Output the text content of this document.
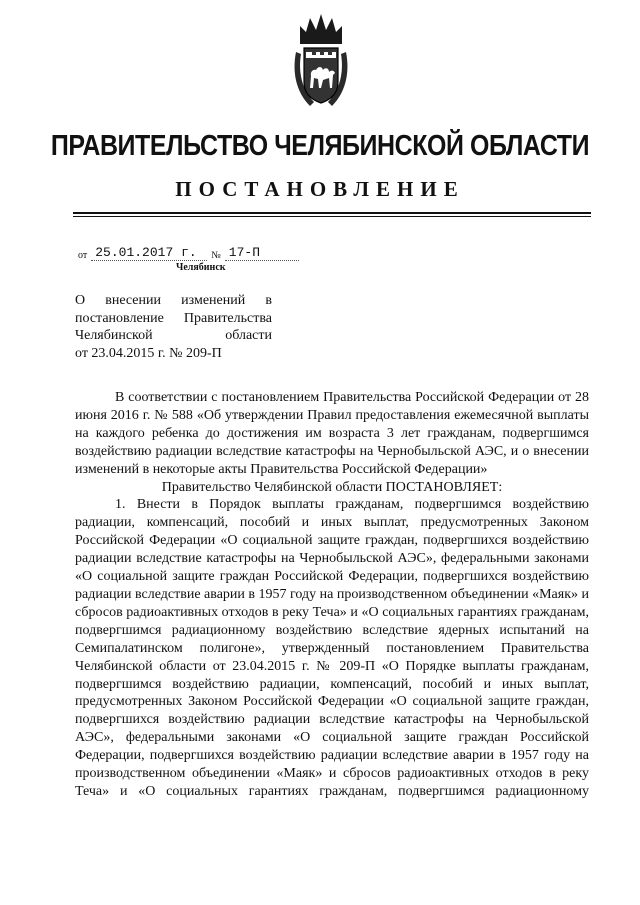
ПРАВИТЕЛЬСТВО ЧЕЛЯБИНСКОЙ ОБЛАСТИ
ПОСТАНОВЛЕНИЕ
от 25.01.2017 г. № 17-П
Челябинск
О внесении изменений в
постановление Правительства
Челябинской области
от 23.04.2015 г. № 209-П

В соответствии с постановлением Правительства Российской Федерации от 28 июня 2016 г. № 588 «Об утверждении Правил предоставления ежемесячной выплаты на каждого ребенка до достижения им возраста 3 лет гражданам, подвергшимся воздействию радиации вследствие катастрофы на Чернобыльской АЭС, и о внесении изменений в некоторые акты Правительства Российской Федерации»

Правительство Челябинской области ПОСТАНОВЛЯЕТ:

1. Внести в Порядок выплаты гражданам, подвергшимся воздействию радиации, компенсаций, пособий и иных выплат, предусмотренных Законом Российской Федерации «О социальной защите граждан, подвергшихся воздействию радиации вследствие катастрофы на Чернобыльской АЭС», федеральными законами «О социальной защите граждан Российской Федерации, подвергшихся воздействию радиации вследствие аварии в 1957 году на производственном объединении «Маяк» и сбросов радиоактивных отходов в реку Теча» и «О социальных гарантиях гражданам, подвергшимся радиационному воздействию вследствие ядерных испытаний на Семипалатинском полигоне», утвержденный постановлением Правительства Челябинской области от 23.04.2015 г. № 209-П «О Порядке выплаты гражданам, подвергшимся воздействию радиации, компенсаций, пособий и иных выплат, предусмотренных Законом Российской Федерации «О социальной защите граждан, подвергшихся воздействию радиации вследствие катастрофы на Чернобыльской АЭС», федеральными законами «О социальной защите граждан Российской Федерации, подвергшихся воздействию радиации вследствие аварии в 1957 году на производственном объединении «Маяк» и сбросов радиоактивных отходов в реку Теча» и «О социальных гарантиях гражданам, подвергшимся радиационному
